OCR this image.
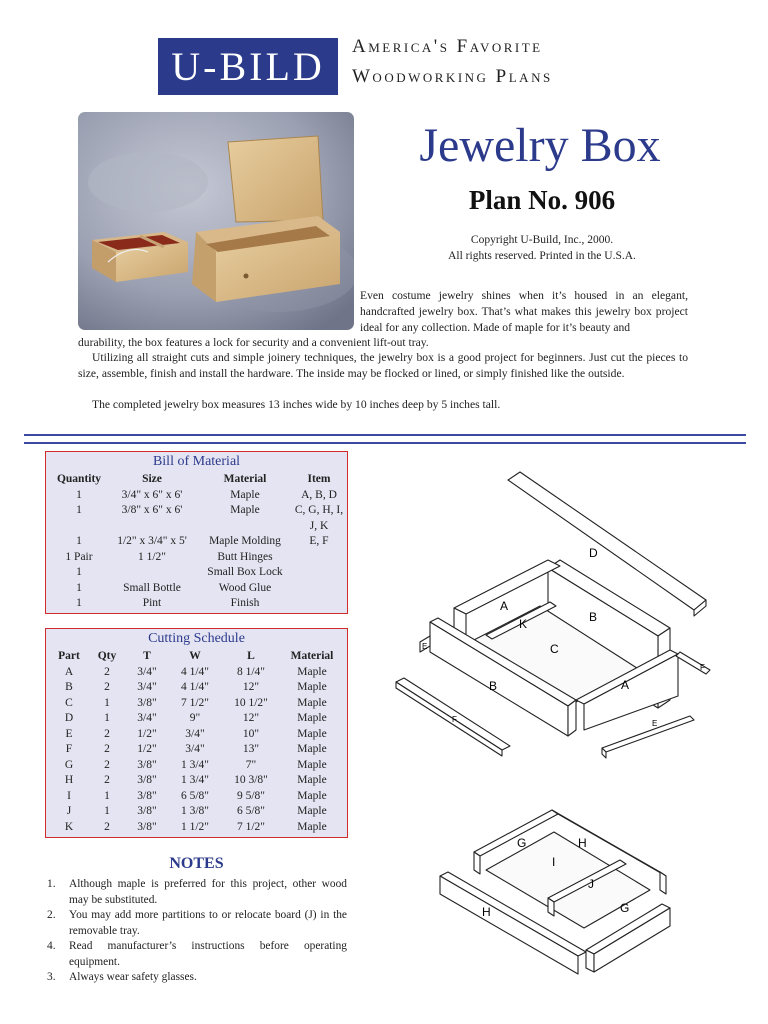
U-BILD	America's Favorite
Woodworking Plans
Jewelry Box
Plan No. 906
Copyright U-Build, Inc., 2000.
All rights reserved. Printed in the U.S.A.
Even costume jewelry shines when it’s housed in an elegant, handcrafted jewelry box. That’s what makes this jewelry box project ideal for any collection. Made of maple for it’s beauty and
durability, the box features a lock for security and a convenient lift-out tray.
Utilizing all straight cuts and simple joinery techniques, the jewelry box is a good project for beginners. Just cut the pieces to size, assemble, finish and install the hardware. The inside may be flocked or lined, or simply finished like the outside.
The completed jewelry box measures 13 inches wide by 10 inches deep by 5 inches tall.
Bill of Material
Quantity	Size	Material	Item
1	3/4" x 6" x 6'	Maple	A, B, D
1	3/8" x 6" x 6'	Maple	C, G, H, I, J, K
1	1/2" x 3/4" x 5'	Maple Molding	E, F
1 Pair	1 1/2"	Butt Hinges	
1		Small Box Lock	
1	Small Bottle	Wood Glue	
1	Pint	Finish	
Cutting Schedule
Part	Qty	T	W	L	Material
A	2	3/4"	4 1/4"	8 1/4"	Maple
B	2	3/4"	4 1/4"	12"	Maple
C	1	3/8"	7 1/2"	10 1/2"	Maple
D	1	3/4"	9"	12"	Maple
E	2	1/2"	3/4"	10"	Maple
F	2	1/2"	3/4"	13"	Maple
G	2	3/8"	1 3/4"	7"	Maple
H	2	3/8"	1 3/4"	10 3/8"	Maple
I	1	3/8"	6 5/8"	9 5/8"	Maple
J	1	3/8"	1 3/8"	6 5/8"	Maple
K	2	3/8"	1 1/2"	7 1/2"	Maple
NOTES
1. Although maple is preferred for this project, other wood may be substituted.
2. You may add more partitions to or relocate board (J) in the removable tray.
4. Read manufacturer’s instructions before operating equipment.
3. Always wear safety glasses.
D
A
K	B
C
B	A
E
F
F	E
G	H
I
J
H	G
